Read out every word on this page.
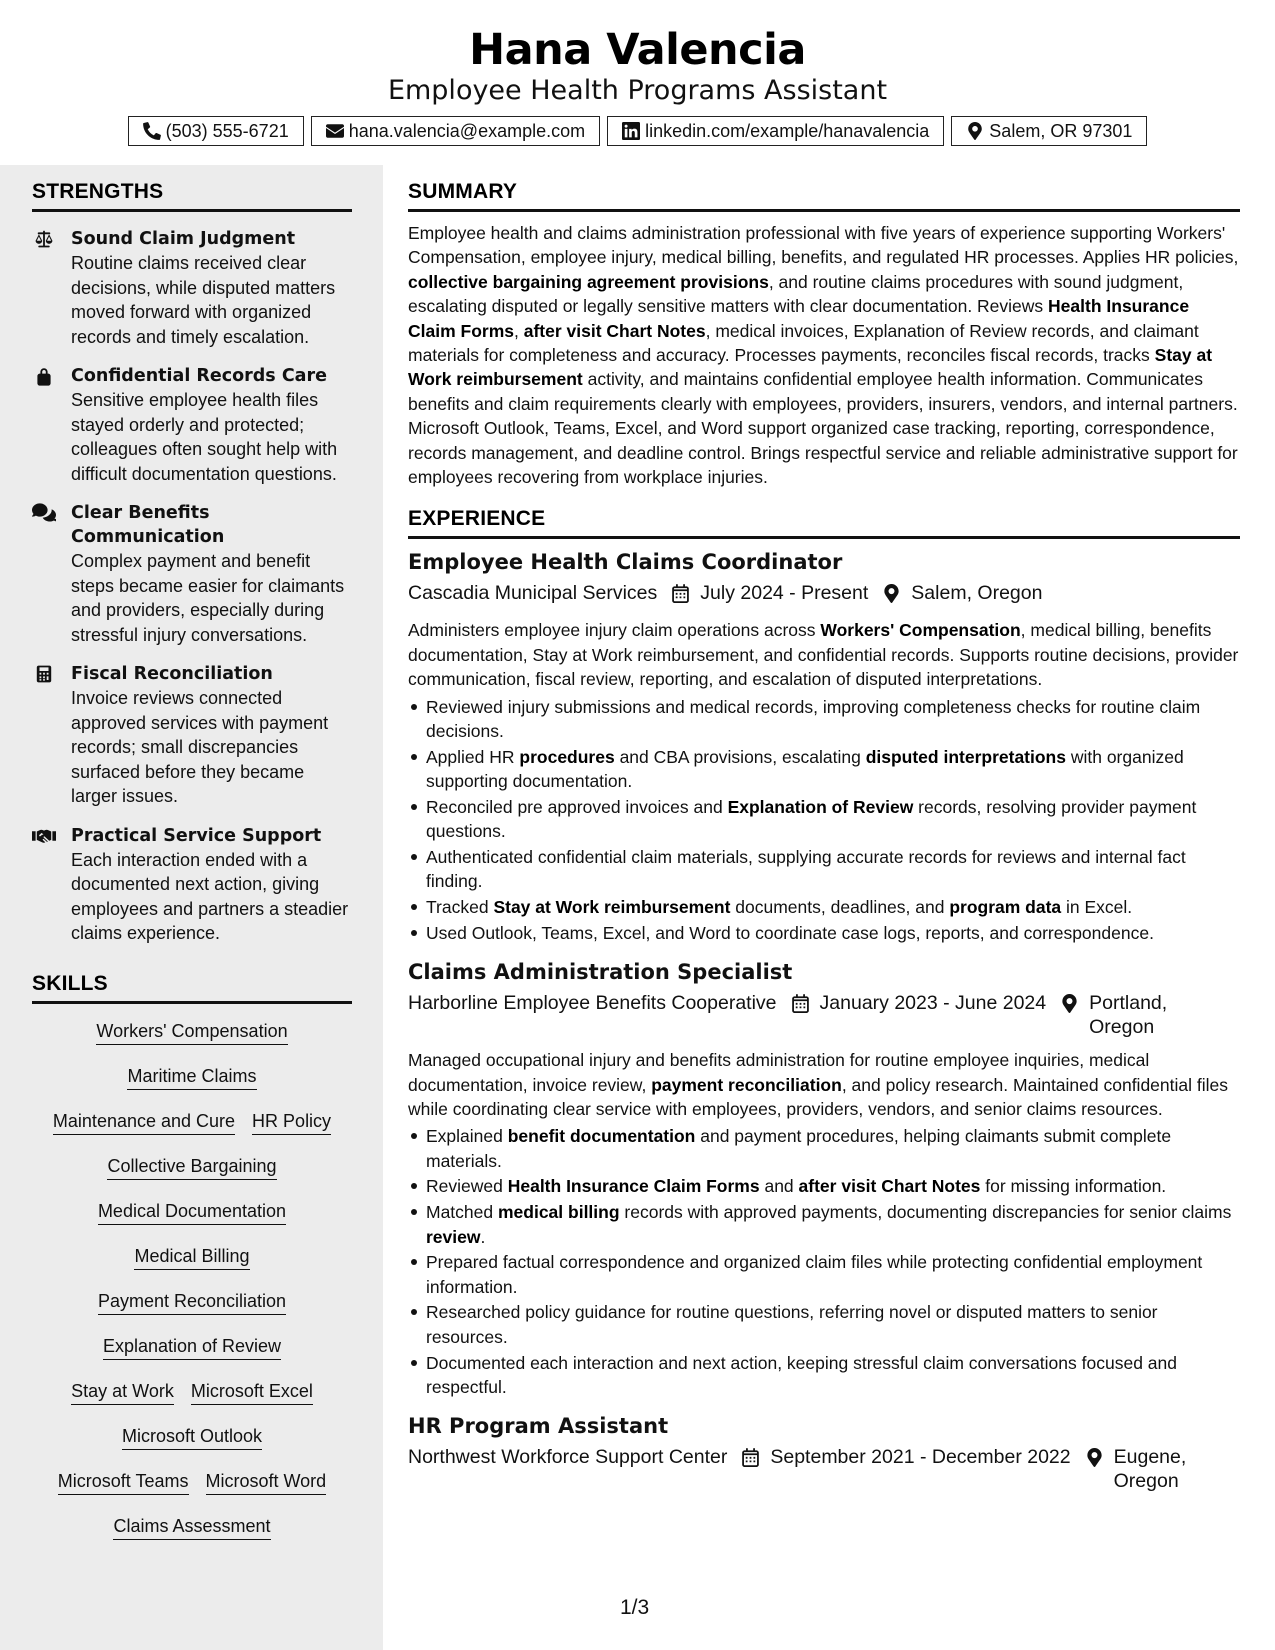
Hana Valencia
Employee Health Programs Assistant
(503) 555-6721	hana.valencia@example.com	linkedin.com/example/hanavalencia	Salem, OR 97301
STRENGTHS
Sound Claim Judgment
Routine claims received clear decisions, while disputed matters moved forward with organized records and timely escalation.
Confidential Records Care
Sensitive employee health files stayed orderly and protected; colleagues often sought help with difficult documentation questions.
Clear Benefits Communication
Complex payment and benefit steps became easier for claimants and providers, especially during stressful injury conversations.
Fiscal Reconciliation
Invoice reviews connected approved services with payment records; small discrepancies surfaced before they became larger issues.
Practical Service Support
Each interaction ended with a documented next action, giving employees and partners a steadier claims experience.
SKILLS
Workers' Compensation
Maritime Claims
Maintenance and Cure HR Policy
Collective Bargaining
Medical Documentation
Medical Billing
Payment Reconciliation
Explanation of Review
Stay at Work Microsoft Excel
Microsoft Outlook
Microsoft Teams Microsoft Word
Claims Assessment
SUMMARY
Employee health and claims administration professional with five years of experience supporting Workers' Compensation, employee injury, medical billing, benefits, and regulated HR processes. Applies HR policies, collective bargaining agreement provisions, and routine claims procedures with sound judgment, escalating disputed or legally sensitive matters with clear documentation. Reviews Health Insurance Claim Forms, after visit Chart Notes, medical invoices, Explanation of Review records, and claimant materials for completeness and accuracy. Processes payments, reconciles fiscal records, tracks Stay at Work reimbursement activity, and maintains confidential employee health information. Communicates benefits and claim requirements clearly with employees, providers, insurers, vendors, and internal partners. Microsoft Outlook, Teams, Excel, and Word support organized case tracking, reporting, correspondence, records management, and deadline control. Brings respectful service and reliable administrative support for employees recovering from workplace injuries.
EXPERIENCE
Employee Health Claims Coordinator
Cascadia Municipal Services July 2024 - Present Salem, Oregon
Administers employee injury claim operations across Workers' Compensation, medical billing, benefits documentation, Stay at Work reimbursement, and confidential records. Supports routine decisions, provider communication, fiscal review, reporting, and escalation of disputed interpretations.
Reviewed injury submissions and medical records, improving completeness checks for routine claim decisions.
Applied HR procedures and CBA provisions, escalating disputed interpretations with organized supporting documentation.
Reconciled pre approved invoices and Explanation of Review records, resolving provider payment questions.
Authenticated confidential claim materials, supplying accurate records for reviews and internal fact finding.
Tracked Stay at Work reimbursement documents, deadlines, and program data in Excel.
Used Outlook, Teams, Excel, and Word to coordinate case logs, reports, and correspondence.
Claims Administration Specialist
Harborline Employee Benefits Cooperative January 2023 - June 2024 Portland, Oregon
Managed occupational injury and benefits administration for routine employee inquiries, medical documentation, invoice review, payment reconciliation, and policy research. Maintained confidential files while coordinating clear service with employees, providers, vendors, and senior claims resources.
Explained benefit documentation and payment procedures, helping claimants submit complete materials.
Reviewed Health Insurance Claim Forms and after visit Chart Notes for missing information.
Matched medical billing records with approved payments, documenting discrepancies for senior claims review.
Prepared factual correspondence and organized claim files while protecting confidential employment information.
Researched policy guidance for routine questions, referring novel or disputed matters to senior resources.
Documented each interaction and next action, keeping stressful claim conversations focused and respectful.
HR Program Assistant
Northwest Workforce Support Center September 2021 - December 2022 Eugene, Oregon
1/3
